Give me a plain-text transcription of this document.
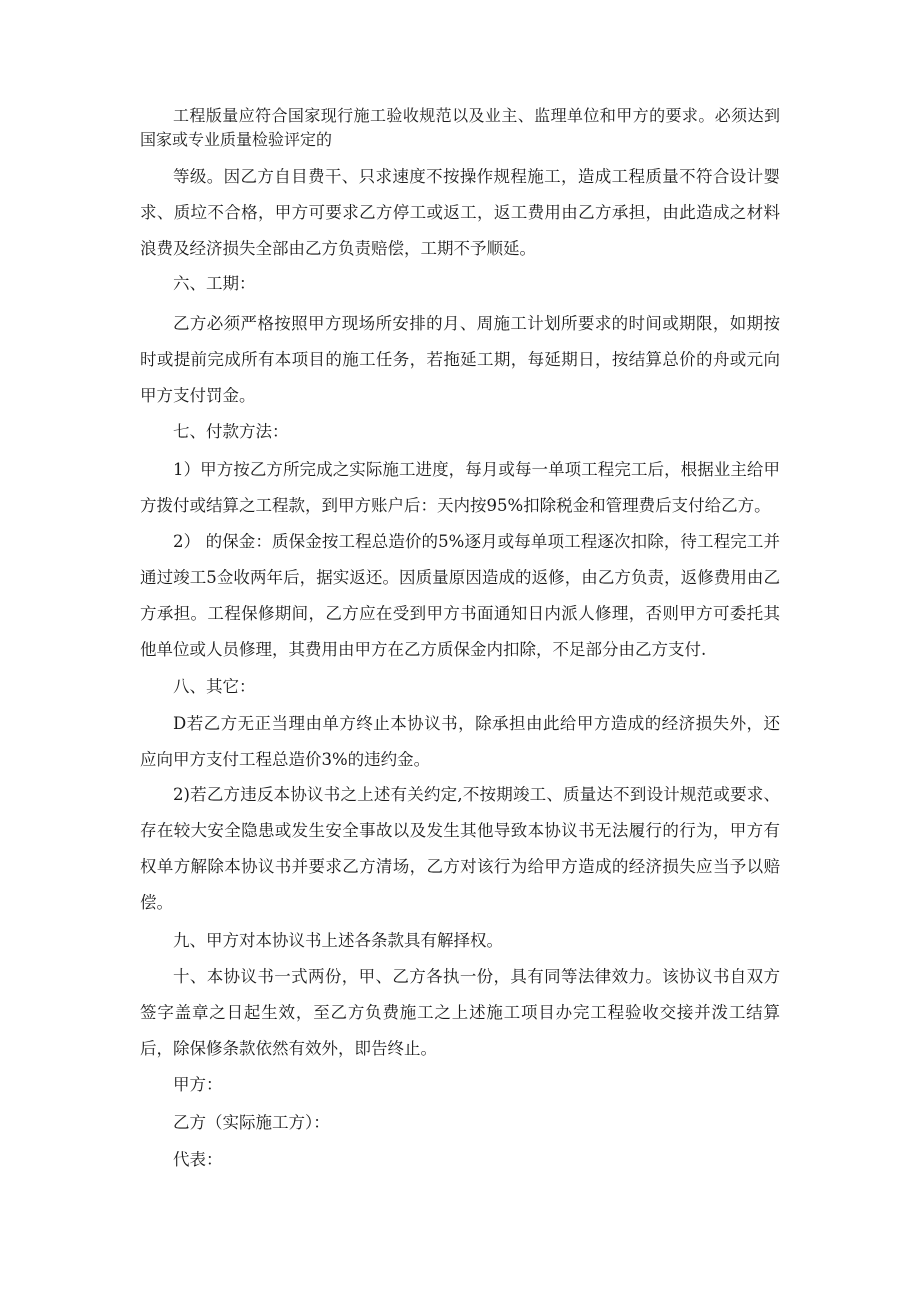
工程版量应符合国家现行施工验收规范以及业主、监理单位和甲方的要求。必须达到国家或专业质量检验评定的

等级。因乙方自目费干、只求速度不按操作规程施工，造成工程质量不符合设计婴求、质垃不合格，甲方可要求乙方停工或返工，返工费用由乙方承担，由此造成之材料浪费及经济损失全部由乙方负责赔偿，工期不予顺延。

六、工期：

乙方必须严格按照甲方现场所安排的月、周施工计划所要求的时间或期限，如期按时或提前完成所有本项目的施工任务，若拖延工期，每延期日，按结算总价的舟或元向甲方支付罚金。

七、付款方法：

1）甲方按乙方所完成之实际施工进度，每月或每一单项工程完工后，根据业主给甲方拨付或结算之工程款，到甲方账户后：天内按95%扣除税金和管理费后支付给乙方。

2） 的保金：质保金按工程总造价的5%逐月或每单项工程逐次扣除，待工程完工并通过竣工5佥收两年后，据实返还。因质量原因造成的返修，由乙方负责，返修费用由乙方承担。工程保修期间，乙方应在受到甲方书面通知日内派人修理，否则甲方可委托其他单位或人员修理，其费用由甲方在乙方质保金内扣除，不足部分由乙方支付.

八、其它：

D若乙方无正当理由单方终止本协议书，除承担由此给甲方造成的经济损失外，还应向甲方支付工程总造价3%的违约金。

2)若乙方违反本协议书之上述有关约定,不按期竣工、质量达不到设计规范或要求、存在较大安全隐患或发生安全事故以及发生其他导致本协议书无法履行的行为，甲方有权单方解除本协议书并要求乙方清场，乙方对该行为给甲方造成的经济损失应当予以赔偿。

九、甲方对本协议书上述各条款具有解择权。

十、本协议书一式两份，甲、乙方各执一份，具有同等法律效力。该协议书自双方签字盖章之日起生效，至乙方负费施工之上述施工项目办完工程验收交接并泼工结算后，除保修条款依然有效外，即告终止。

甲方：

乙方（实际施工方）：

代表：
